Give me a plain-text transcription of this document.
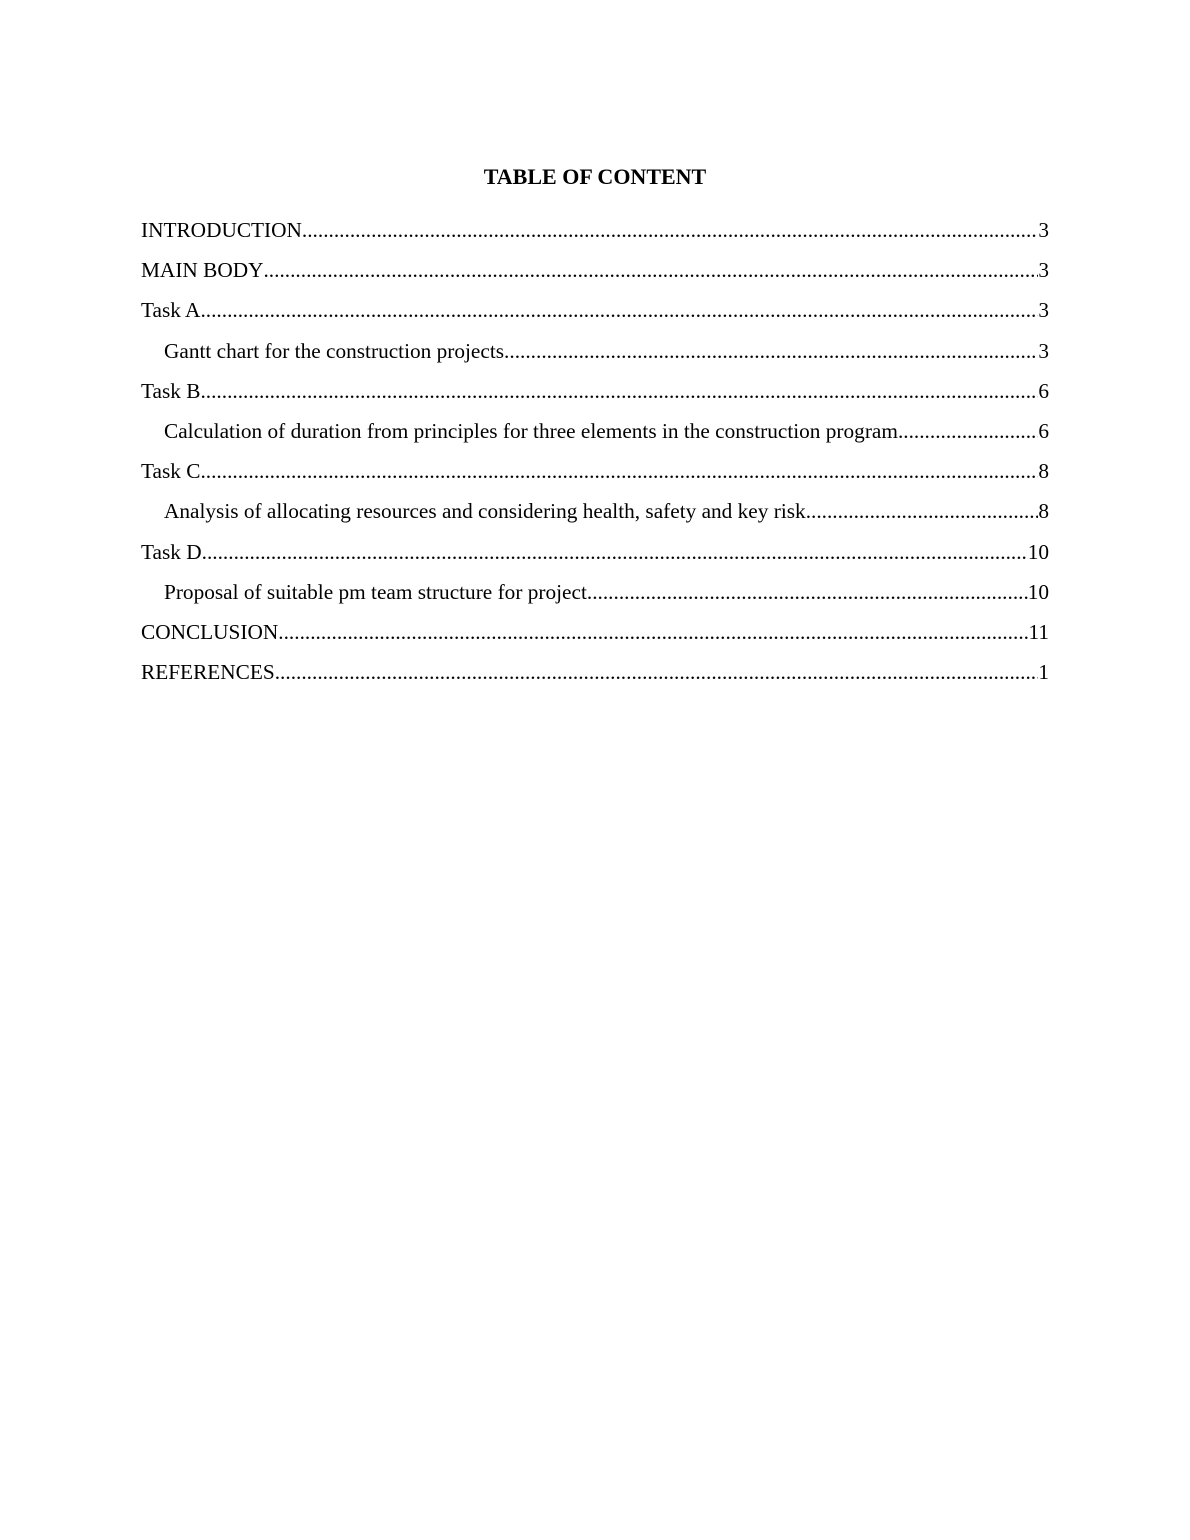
TABLE OF CONTENT
INTRODUCTION .....	3
MAIN BODY .....	3
Task A .....	3
Gantt chart for the construction projects .....	3
Task B .....	6
Calculation of duration from principles for three elements in the construction program .....	6
Task C .....	8
Analysis of allocating resources and considering health, safety and key risk .....	8
Task D .....	10
Proposal of suitable pm team structure for project .....	10
CONCLUSION .....	11
REFERENCES .....	1
